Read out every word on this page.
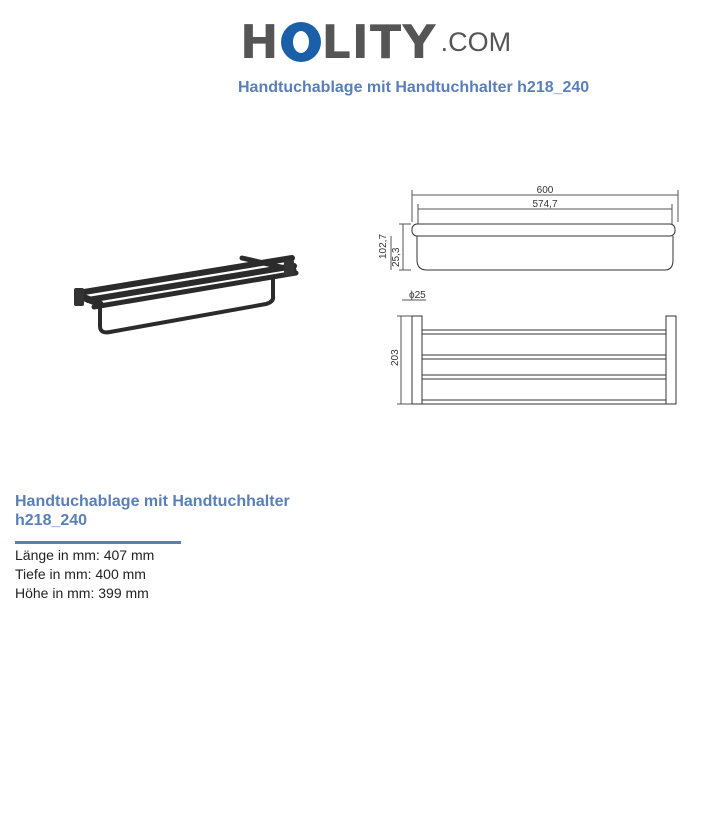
H LITY .COM
Handtuchablage mit Handtuchhalter h218_240
600
574,7
102,7 25,3
ϕ25
203
Handtuchablage mit Handtuchhalter
h218_240
Länge in mm: 407 mm
Tiefe in mm: 400 mm
Höhe in mm: 399 mm
